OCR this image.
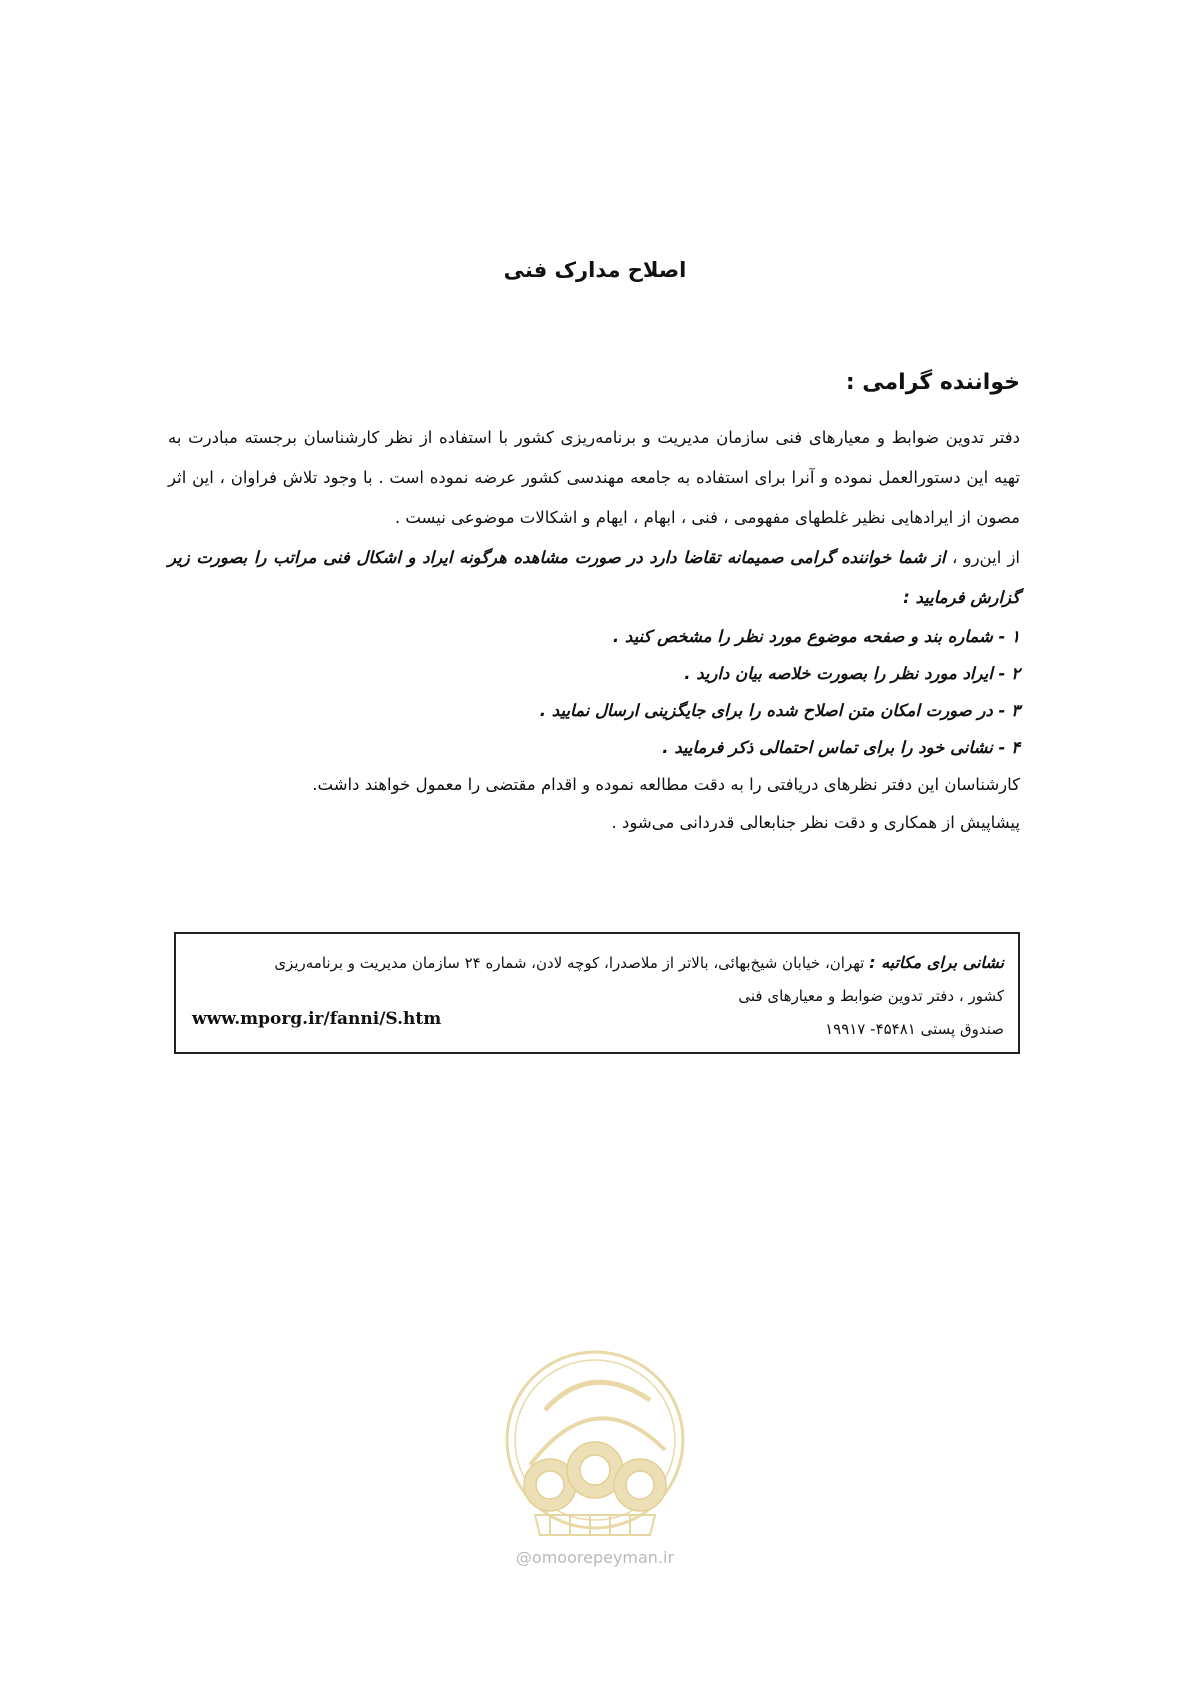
اصلاح مدارک فنی
خواننده گرامی :

دفتر تدوین ضوابط و معیارهای فنی سازمان مدیریت و برنامه‌ریزی کشور با استفاده از نظر کارشناسان برجسته مبادرت به تهیه این دستورالعمل نموده و آنرا برای استفاده به جامعه مهندسی کشور عرضه نموده است . با وجود تلاش فراوان ، این اثر مصون از ایرادهایی نظیر غلطهای مفهومی ، فنی ، ابهام ، ایهام و اشکالات موضوعی نیست .

از این‌رو ، از شما خواننده گرامی صمیمانه تقاضا دارد در صورت مشاهده هرگونه ایراد و اشکال فنی مراتب را بصورت زیر گزارش فرمایید :

۱ - شماره بند و صفحه موضوع مورد نظر را مشخص کنید .
۲ - ایراد مورد نظر را بصورت خلاصه بیان دارید .
۳ - در صورت امکان متن اصلاح شده را برای جایگزینی ارسال نمایید .
۴ - نشانی خود را برای تماس احتمالی ذکر فرمایید .

کارشناسان این دفتر نظرهای دریافتی را به دقت مطالعه نموده و اقدام مقتضی را معمول خواهند داشت.

پیشاپیش از همکاری و دقت نظر جنابعالی قدردانی می‌شود .

نشانی برای مکاتبه : تهران، خیابان شیخ‌بهائی، بالاتر از ملاصدرا، کوچه لادن، شماره ۲۴ سازمان مدیریت و برنامه‌ریزی

کشور ، دفتر تدوین ضوابط و معیارهای فنی

صندوق پستی ۴۵۴۸۱- ۱۹۹۱۷

www.mporg.ir/fanni/S.htm
@omoorepeyman.ir
